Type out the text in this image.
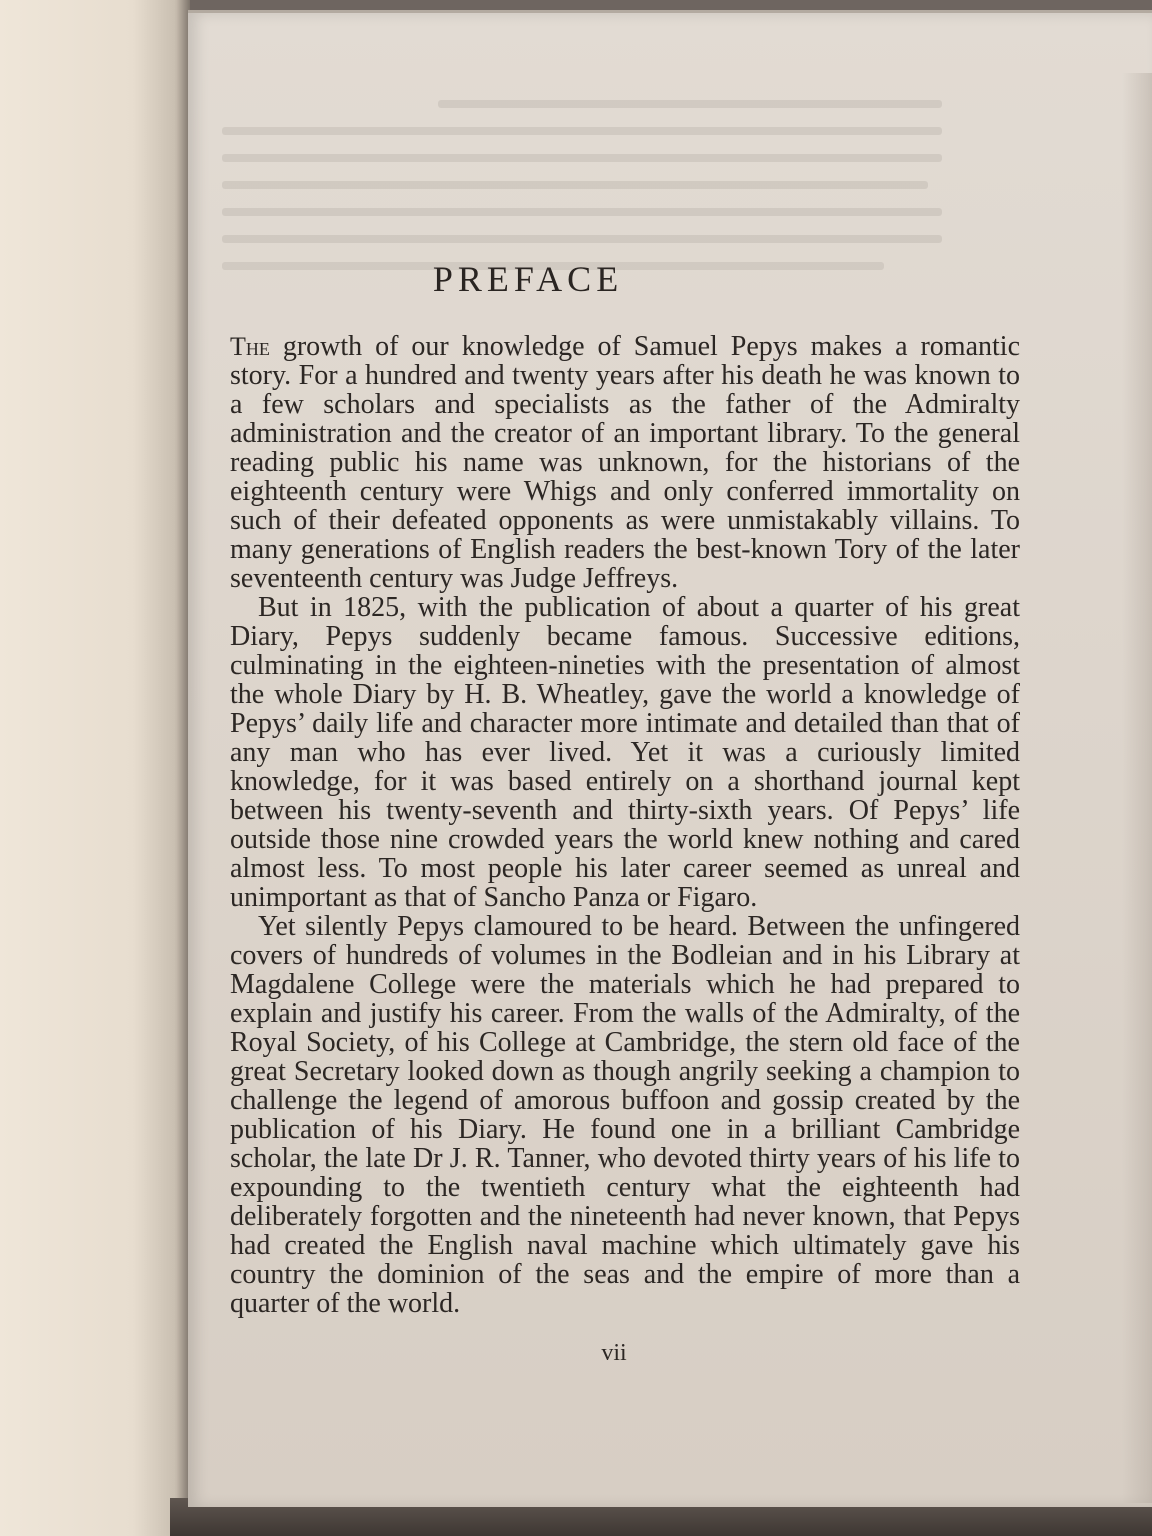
PREFACE

The growth of our knowledge of Samuel Pepys makes a romantic story. For a hundred and twenty years after his death he was known to a few scholars and specialists as the father of the Admiralty administration and the creator of an important library. To the general reading public his name was unknown, for the historians of the eighteenth century were Whigs and only conferred immortality on such of their defeated opponents as were unmistakably villains. To many generations of English readers the best-known Tory of the later seventeenth century was Judge Jeffreys.

But in 1825, with the publication of about a quarter of his great Diary, Pepys suddenly became famous. Successive editions, culminating in the eighteen-nineties with the presentation of almost the whole Diary by H. B. Wheatley, gave the world a knowledge of Pepys’ daily life and character more intimate and detailed than that of any man who has ever lived. Yet it was a curiously limited knowledge, for it was based entirely on a shorthand journal kept between his twenty-seventh and thirty-sixth years. Of Pepys’ life outside those nine crowded years the world knew nothing and cared almost less. To most people his later career seemed as unreal and unimportant as that of Sancho Panza or Figaro.

Yet silently Pepys clamoured to be heard. Between the unfingered covers of hundreds of volumes in the Bodleian and in his Library at Magdalene College were the materials which he had prepared to explain and justify his career. From the walls of the Admiralty, of the Royal Society, of his College at Cambridge, the stern old face of the great Secretary looked down as though angrily seeking a champion to challenge the legend of amorous buffoon and gossip created by the publication of his Diary. He found one in a brilliant Cambridge scholar, the late Dr J. R. Tanner, who devoted thirty years of his life to expounding to the twentieth century what the eighteenth had deliberately forgotten and the nineteenth had never known, that Pepys had created the English naval machine which ultimately gave his country the dominion of the seas and the empire of more than a quarter of the world.

vii
